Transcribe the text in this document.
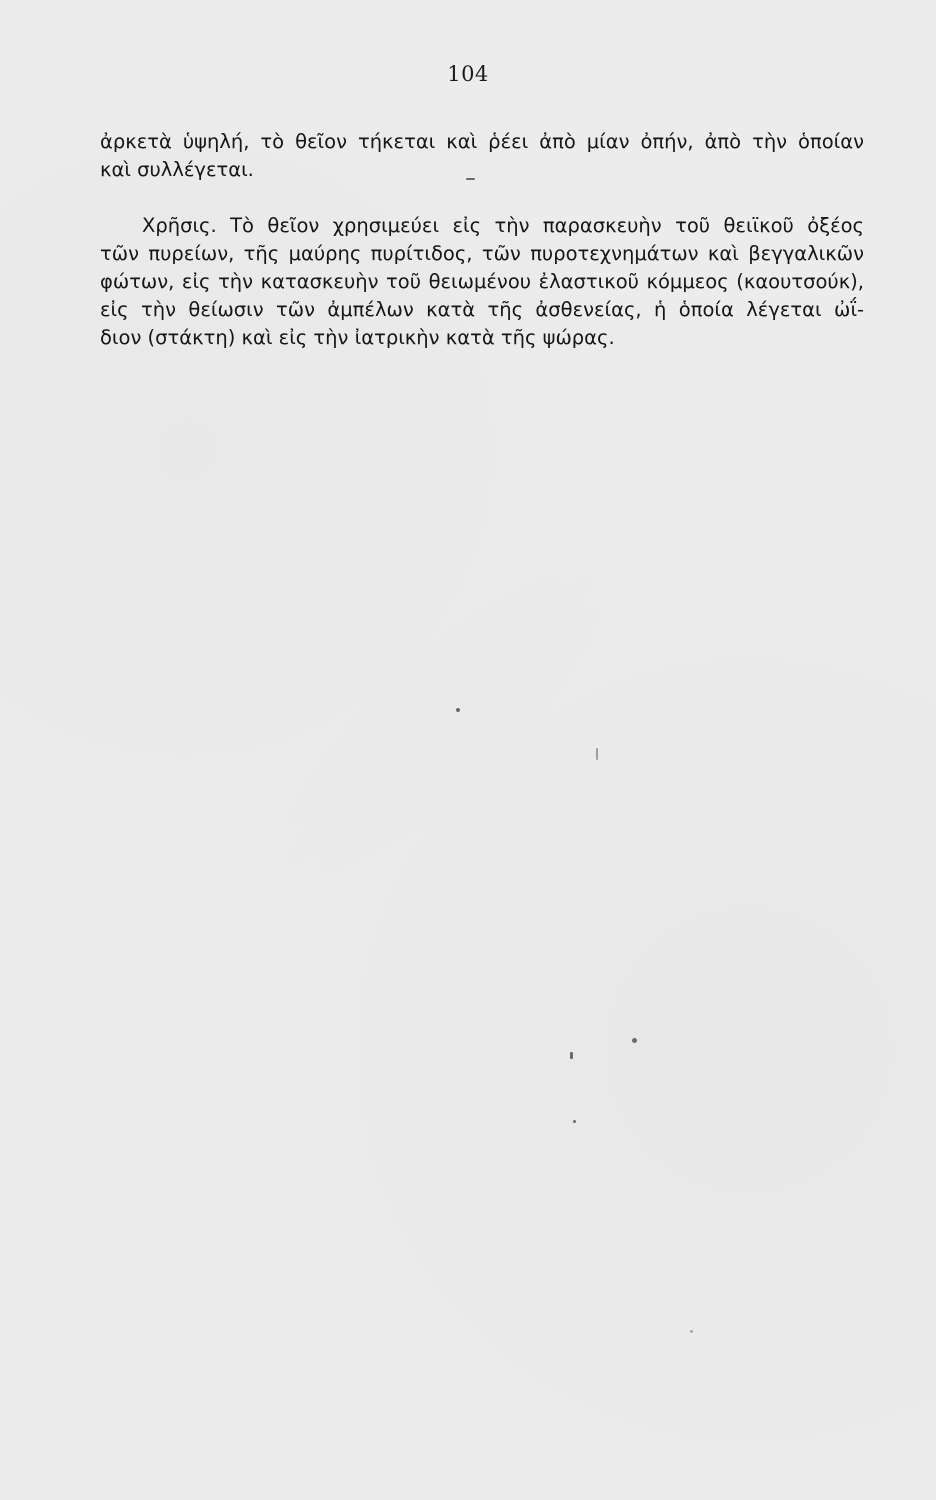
104
ἀρκετὰ ὑψηλή, τὸ θεῖον τήκεται καὶ ῥέει ἀπὸ μίαν ὀπήν, ἀπὸ τὴν ὁποίαν
καὶ συλλέγεται.
Χρῆσις. Τὸ θεῖον χρησιμεύει εἰς τὴν παρασκευὴν τοῦ θειϊκοῦ ὀξέος
τῶν πυρείων, τῆς μαύρης πυρίτιδος, τῶν πυροτεχνημάτων καὶ βεγγαλικῶν
φώτων, εἰς τὴν κατασκευὴν τοῦ θειωμένου ἐλαστικοῦ κόμμεος (καουτσούκ),
εἰς τὴν θείωσιν τῶν ἀμπέλων κατὰ τῆς ἀσθενείας, ἡ ὁποία λέγεται ὠΐ-
διον (στάκτη) καὶ εἰς τὴν ἰατρικὴν κατὰ τῆς ψώρας.
